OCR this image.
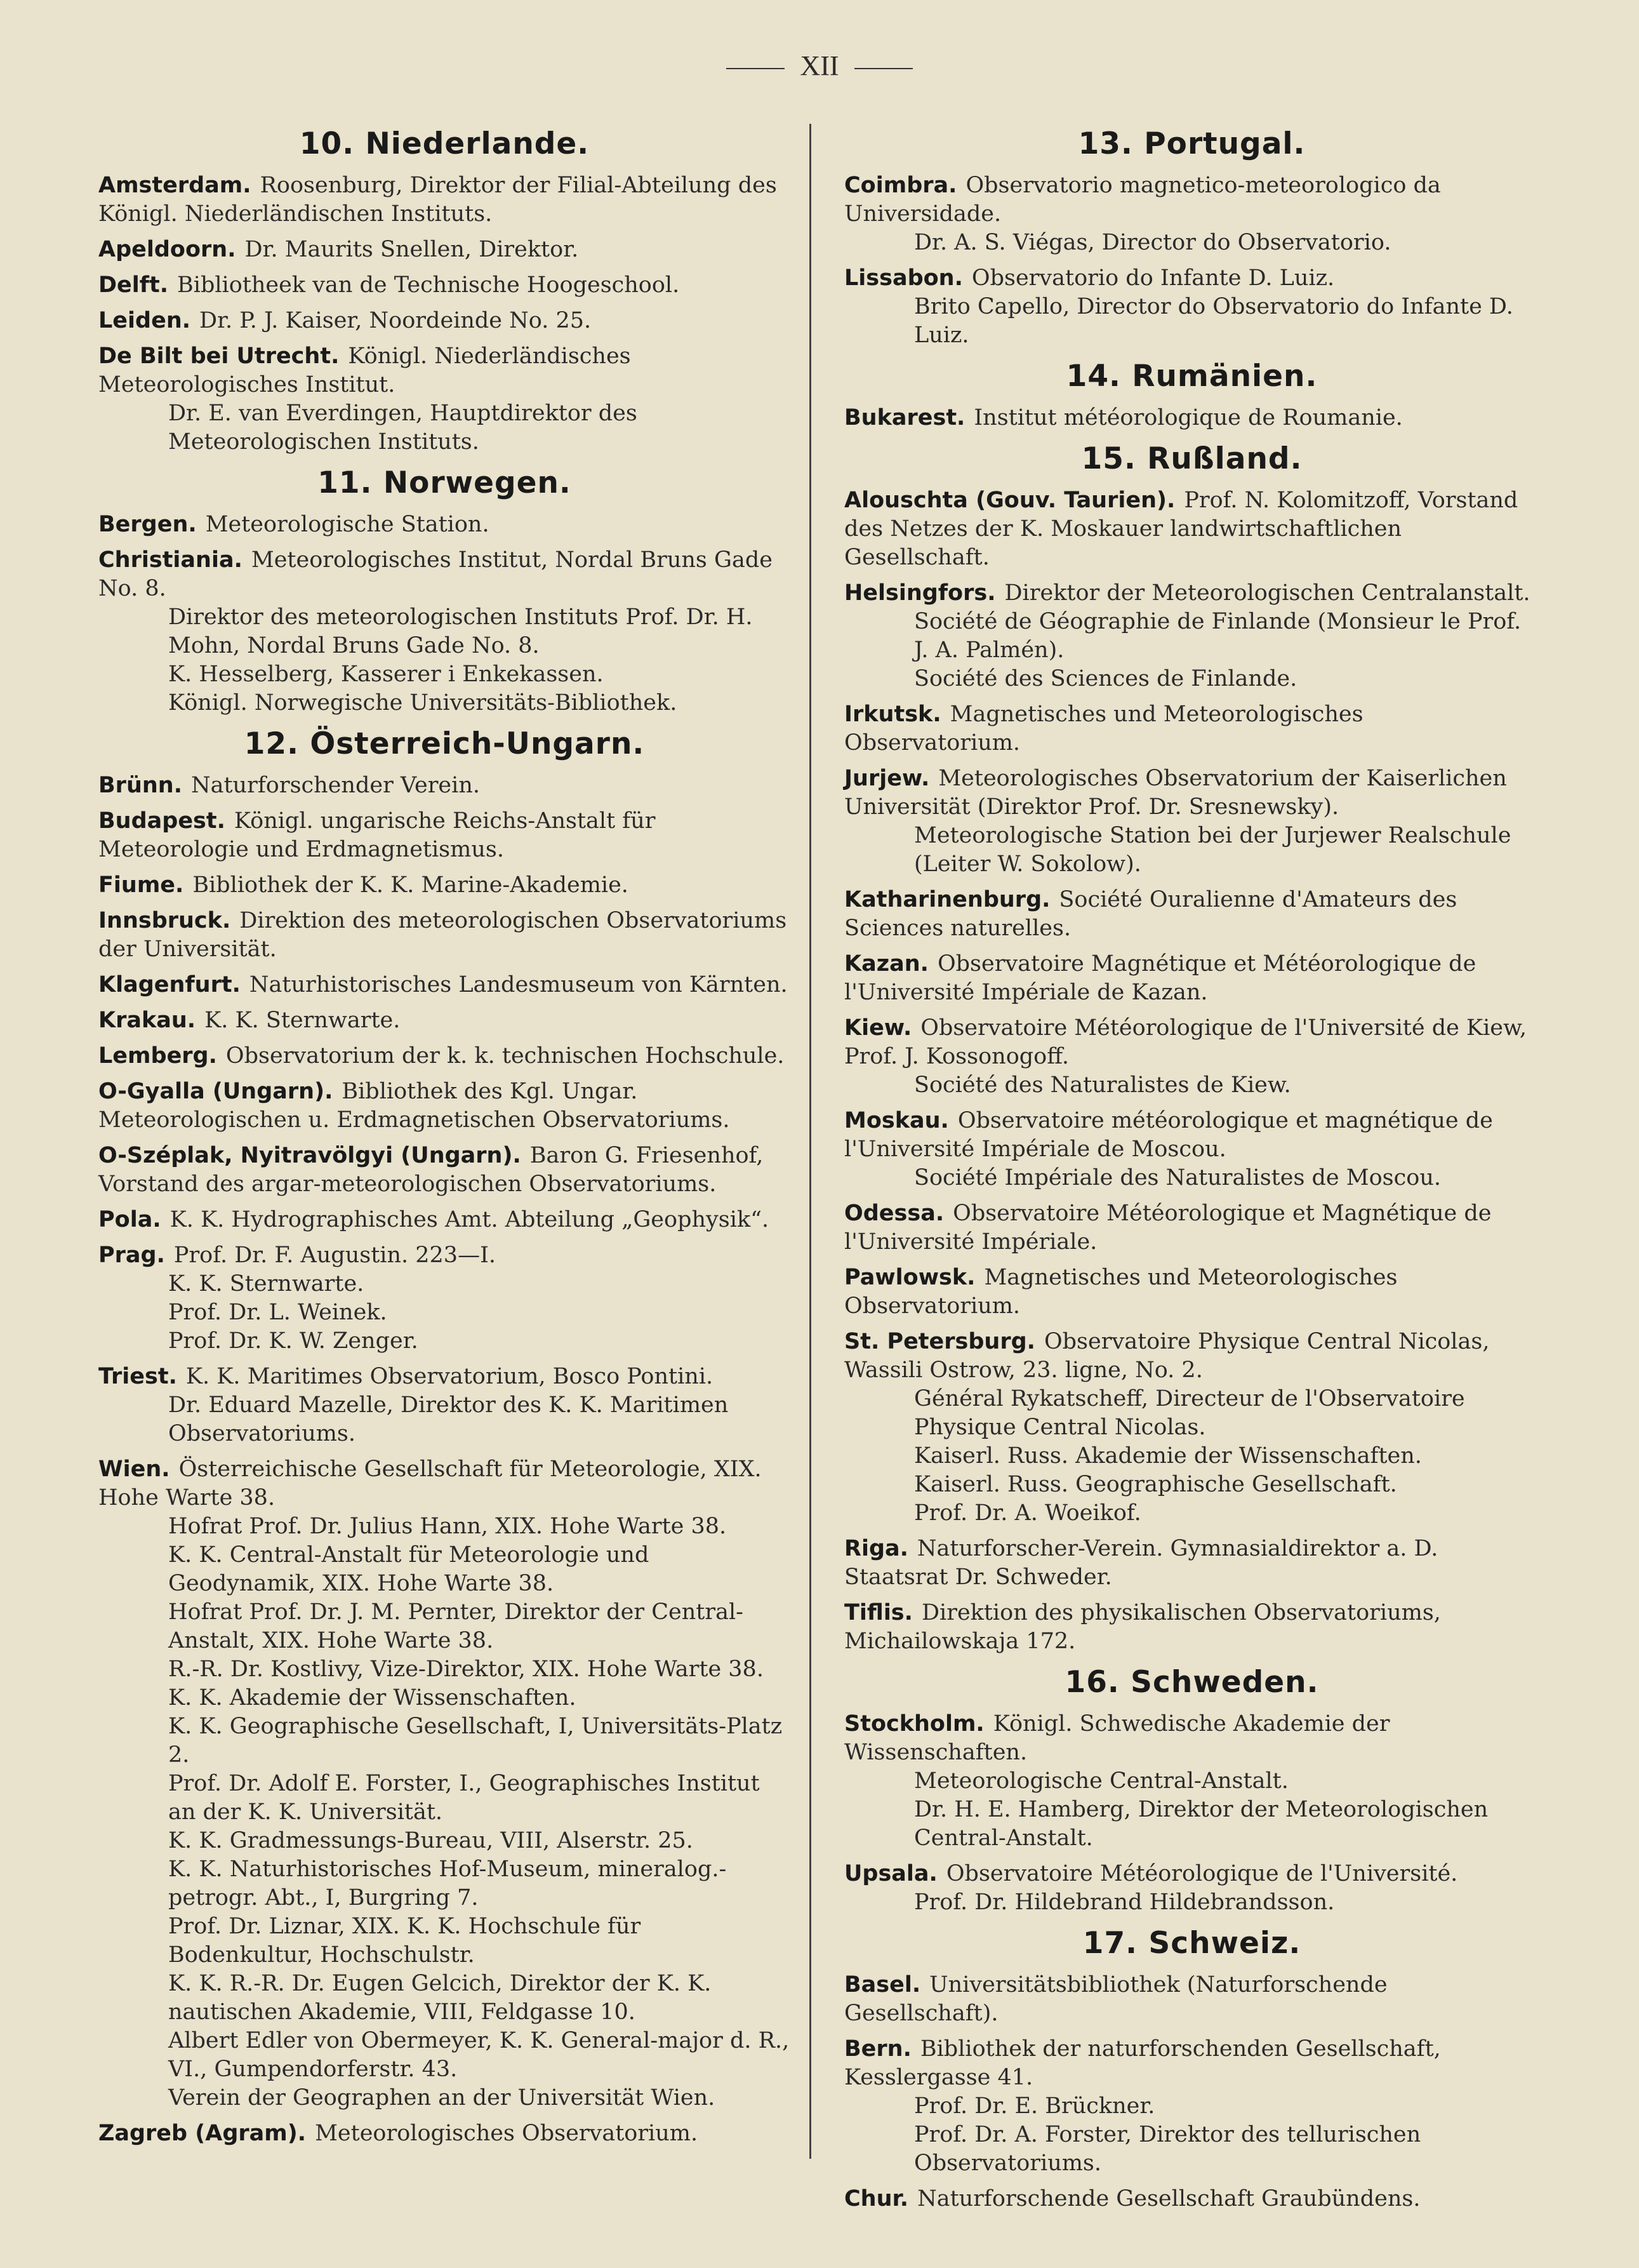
XII
10. Niederlande.
Amsterdam. Roosenburg, Direktor der Filial-Abteilung des Königl. Niederländischen Instituts.
Apeldoorn. Dr. Maurits Snellen, Direktor.
Delft. Bibliotheek van de Technische Hoogeschool.
Leiden. Dr. P. J. Kaiser, Noordeinde No. 25.
De Bilt bei Utrecht. Königl. Niederländisches Meteorologisches Institut.
Dr. E. van Everdingen, Hauptdirektor des Meteorologischen Instituts.
11. Norwegen.
Bergen. Meteorologische Station.
Christiania. Meteorologisches Institut, Nordal Bruns Gade No. 8.
Direktor des meteorologischen Instituts Prof. Dr. H. Mohn, Nordal Bruns Gade No. 8.
K. Hesselberg, Kasserer i Enkekassen.
Königl. Norwegische Universitäts-Bibliothek.
12. Österreich-Ungarn.
Brünn. Naturforschender Verein.
Budapest. Königl. ungarische Reichs-Anstalt für Meteorologie und Erdmagnetismus.
Fiume. Bibliothek der K. K. Marine-Akademie.
Innsbruck. Direktion des meteorologischen Observatoriums der Universität.
Klagenfurt. Naturhistorisches Landesmuseum von Kärnten.
Krakau. K. K. Sternwarte.
Lemberg. Observatorium der k. k. technischen Hochschule.
O-Gyalla (Ungarn). Bibliothek des Kgl. Ungar. Meteorologischen u. Erdmagnetischen Observatoriums.
O-Széplak, Nyitravölgyi (Ungarn). Baron G. Friesenhof, Vorstand des argar-meteorologischen Observatoriums.
Pola. K. K. Hydrographisches Amt. Abteilung „Geophysik“.
Prag. Prof. Dr. F. Augustin. 223—I.
K. K. Sternwarte.
Prof. Dr. L. Weinek.
Prof. Dr. K. W. Zenger.
Triest. K. K. Maritimes Observatorium, Bosco Pontini.
Dr. Eduard Mazelle, Direktor des K. K. Maritimen Observatoriums.
Wien. Österreichische Gesellschaft für Meteorologie, XIX. Hohe Warte 38.
Hofrat Prof. Dr. Julius Hann, XIX. Hohe Warte 38.
K. K. Central-Anstalt für Meteorologie und Geodynamik, XIX. Hohe Warte 38.
Hofrat Prof. Dr. J. M. Pernter, Direktor der Central-Anstalt, XIX. Hohe Warte 38.
R.-R. Dr. Kostlivy, Vize-Direktor, XIX. Hohe Warte 38.
K. K. Akademie der Wissenschaften.
K. K. Geographische Gesellschaft, I, Universitäts-Platz 2.
Prof. Dr. Adolf E. Forster, I., Geographisches Institut an der K. K. Universität.
K. K. Gradmessungs-Bureau, VIII, Alserstr. 25.
K. K. Naturhistorisches Hof-Museum, mineralog.-petrogr. Abt., I, Burgring 7.
Prof. Dr. Liznar, XIX. K. K. Hochschule für Bodenkultur, Hochschulstr.
K. K. R.-R. Dr. Eugen Gelcich, Direktor der K. K. nautischen Akademie, VIII, Feldgasse 10.
Albert Edler von Obermeyer, K. K. General-major d. R., VI., Gumpendorferstr. 43.
Verein der Geographen an der Universität Wien.
Zagreb (Agram). Meteorologisches Observatorium.
13. Portugal.
Coimbra. Observatorio magnetico-meteorologico da Universidade.
Dr. A. S. Viégas, Director do Observatorio.
Lissabon. Observatorio do Infante D. Luiz.
Brito Capello, Director do Observatorio do Infante D. Luiz.
14. Rumänien.
Bukarest. Institut météorologique de Roumanie.
15. Rußland.
Alouschta (Gouv. Taurien). Prof. N. Kolomitzoff, Vorstand des Netzes der K. Moskauer landwirtschaftlichen Gesellschaft.
Helsingfors. Direktor der Meteorologischen Centralanstalt.
Société de Géographie de Finlande (Monsieur le Prof. J. A. Palmén).
Société des Sciences de Finlande.
Irkutsk. Magnetisches und Meteorologisches Observatorium.
Jurjew. Meteorologisches Observatorium der Kaiserlichen Universität (Direktor Prof. Dr. Sresnewsky).
Meteorologische Station bei der Jurjewer Realschule (Leiter W. Sokolow).
Katharinenburg. Société Ouralienne d'Amateurs des Sciences naturelles.
Kazan. Observatoire Magnétique et Météorologique de l'Université Impériale de Kazan.
Kiew. Observatoire Météorologique de l'Université de Kiew, Prof. J. Kossonogoff.
Société des Naturalistes de Kiew.
Moskau. Observatoire météorologique et magnétique de l'Université Impériale de Moscou.
Société Impériale des Naturalistes de Moscou.
Odessa. Observatoire Météorologique et Magnétique de l'Université Impériale.
Pawlowsk. Magnetisches und Meteorologisches Observatorium.
St. Petersburg. Observatoire Physique Central Nicolas, Wassili Ostrow, 23. ligne, No. 2.
Général Rykatscheff, Directeur de l'Observatoire Physique Central Nicolas.
Kaiserl. Russ. Akademie der Wissenschaften.
Kaiserl. Russ. Geographische Gesellschaft.
Prof. Dr. A. Woeikof.
Riga. Naturforscher-Verein. Gymnasialdirektor a. D. Staatsrat Dr. Schweder.
Tiflis. Direktion des physikalischen Observatoriums, Michailowskaja 172.
16. Schweden.
Stockholm. Königl. Schwedische Akademie der Wissenschaften.
Meteorologische Central-Anstalt.
Dr. H. E. Hamberg, Direktor der Meteorologischen Central-Anstalt.
Upsala. Observatoire Météorologique de l'Université.
Prof. Dr. Hildebrand Hildebrandsson.
17. Schweiz.
Basel. Universitätsbibliothek (Naturforschende Gesellschaft).
Bern. Bibliothek der naturforschenden Gesellschaft, Kesslergasse 41.
Prof. Dr. E. Brückner.
Prof. Dr. A. Forster, Direktor des tellurischen Observatoriums.
Chur. Naturforschende Gesellschaft Graubündens.
